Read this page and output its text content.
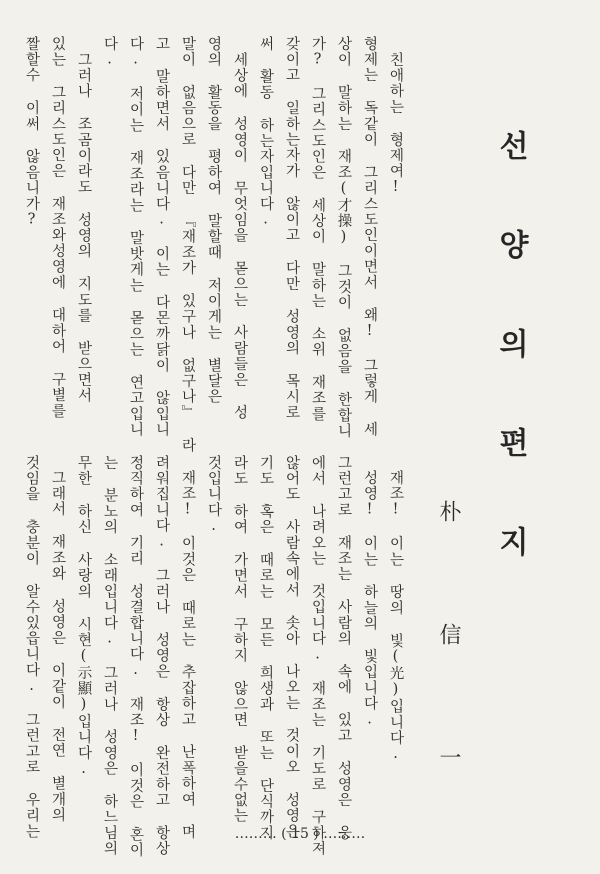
선 양 의 편 지
朴 信 一
친애하는 형제여!
형제는 독같이 그리스도인이면서 왜! 그렇게 세
상이 말하는 재조(才操) 그것이 없음을 한합니
가? 그리스도인은 세상이 말하는 소위 재조를
갖이고 일하는자가 않이고 다만 성영의 목시로
써 활동 하는자입니다.
세상에 성영이 무엇임을 몯으는 사람들은 성
영의 활동을 평하여 말할때 저이게는 별달은
말이 없음으로 다만 『재조가 있구나 없구나』 라
고 말하면서 있음니다. 이는 다몬까닭이 않입니
다. 저이는 재조라는 말밧게는 몯으는 연고입니
다.
그러나 조곰이라도 성영의 지도를 받으면서
있는 그리스도인은 재조와성영에 대하어 구별를
짤할수 이써 않음니가?
재조! 이는 땅의 빛(光)입니다.
성영! 이는 하늘의 빛입니다.
그런고로 재조는 사람의 속에 있고 성영은 웅
에서 나려오는 것입니다. 재조는 기도로 구하져
않어도 사람속에서 솟아 나오는 것이오 성영은
기도 혹은 때로는 모든 희생과 또는 단식까지
라도 하여 가면서 구하지 않으면 받을수없는
것입니다.
재조! 이것은 때로는 추잡하고 난폭하여 며
려워집니다. 그러나 성영은 항상 완전하고 항상
정직하여 기리 성결합니다. 재조! 이것은 혼이
는 분노의 소래입니다. 그러나 성영은 하느님의
무한 하신 사랑의 시현(示顯)입니다.
그래서 재조와 성영은 이같이 전연 별개의
것임을 충분이 알수있읍니다. 그런고로 우리는	……… ( 15 ) ………
